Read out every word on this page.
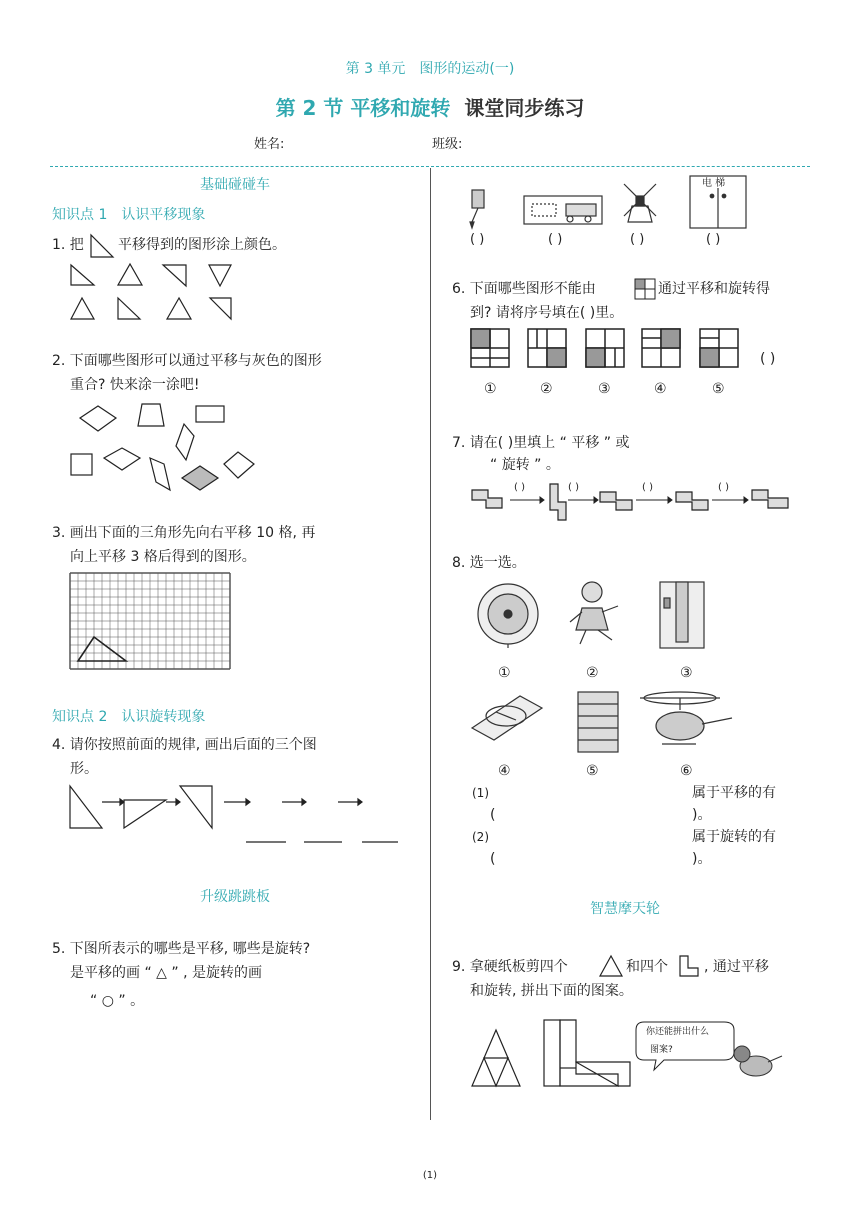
第 3 单元　图形的运动(一)
第 2 节 平移和旋转 课堂同步练习
姓名:	班级:
基础碰碰车
知识点 1　认识平移现象
1. 把 平移得到的图形涂上颜色。
2. 下面哪些图形可以通过平移与灰色的图形
重合? 快来涂一涂吧!
3. 画出下面的三角形先向右平移 10 格, 再
向上平移 3 格后得到的图形。
知识点 2　认识旋转现象
4. 请你按照前面的规律, 画出后面的三个图
形。
升级跳跳板
5. 下图所表示的哪些是平移, 哪些是旋转?
是平移的画 “ △ ” , 是旋转的画
“ ○ ” 。
电 梯
( )	( )	( )	( )
6. 下面哪些图形不能由	通过平移和旋转得
到? 请将序号填在( )里。
①	②	③	④	⑤
( )
7. 请在( )里填上 “ 平移 ” 或
“ 旋转 ” 。
( )	( )	( )	( )
8. 选一选。
①	②	③
④	⑤	⑥
(1)	属于平移的有
(	)。
(2)	属于旋转的有
(	)。
智慧摩天轮
9. 拿硬纸板剪四个	和四个	, 通过平移
和旋转, 拼出下面的图案。
你还能拼出什么
图案?
(1)
